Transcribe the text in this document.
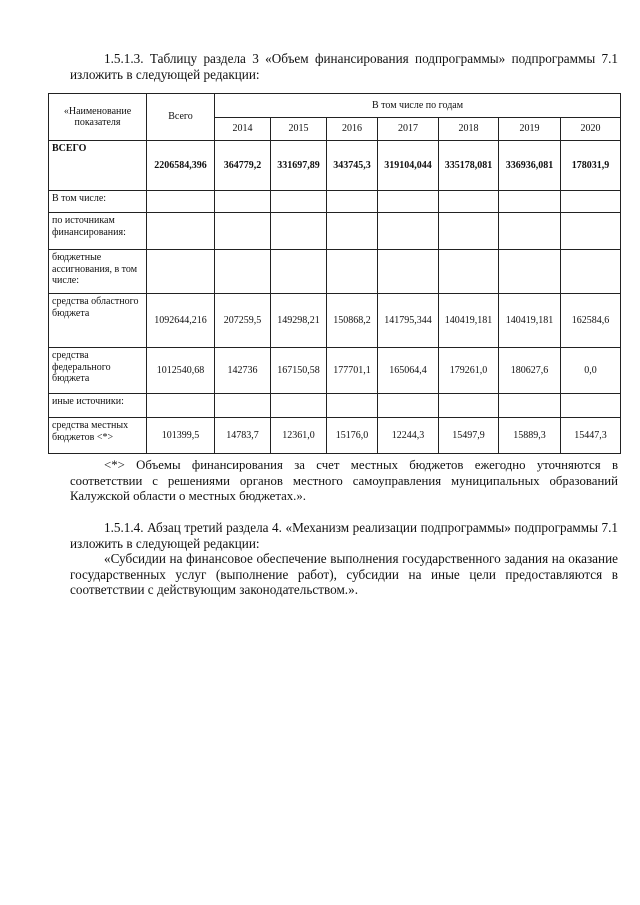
1.5.1.3. Таблицу раздела 3 «Объем финансирования подпрограммы» подпрограммы 7.1 изложить в следующей редакции:
«Наименование показателя	Всего	В том числе по годам						
		2014	2015	2016	2017	2018	2019	2020
ВСЕГО	2206584,396	364779,2	331697,89	343745,3	319104,044	335178,081	336936,081	178031,9
В том числе:								
по источникам финансирования:								
бюджетные ассигнования, в том числе:								
средства областного бюджета	1092644,216	207259,5	149298,21	150868,2	141795,344	140419,181	140419,181	162584,6
средства федерального бюджета	1012540,68	142736	167150,58	177701,1	165064,4	179261,0	180627,6	0,0
иные источники:								
средства местных бюджетов <*>	101399,5	14783,7	12361,0	15176,0	12244,3	15497,9	15889,3	15447,3
<*> Объемы финансирования за счет местных бюджетов ежегодно уточняются в соответствии с решениями органов местного самоуправления муниципальных образований Калужской области о местных бюджетах.».
1.5.1.4. Абзац третий раздела 4. «Механизм реализации подпрограммы» подпрограммы 7.1 изложить в следующей редакции:
«Субсидии на финансовое обеспечение выполнения государственного задания на оказание государственных услуг (выполнение работ), субсидии на иные цели предоставляются в соответствии с действующим законодательством.».
